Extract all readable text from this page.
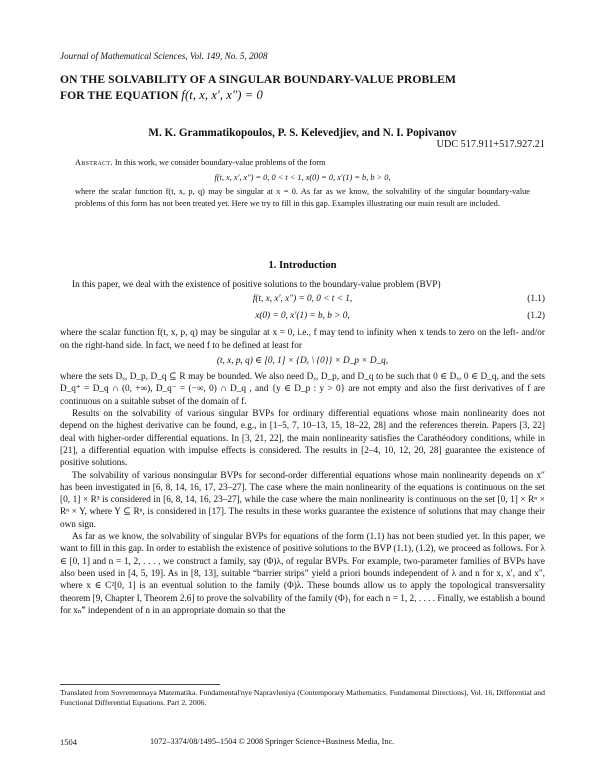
Journal of Mathematical Sciences, Vol. 149, No. 5, 2008
ON THE SOLVABILITY OF A SINGULAR BOUNDARY-VALUE PROBLEM
FOR THE EQUATION f(t, x, x′, x″) = 0
M. K. Grammatikopoulos, P. S. Kelevedjiev, and N. I. Popivanov
UDC 517.911+517.927.21
Abstract. In this work, we consider boundary-value problems of the form
f(t, x, x′, x″) = 0, 0 < t < 1, x(0) = 0, x′(1) = b, b > 0,
where the scalar function f(t, x, p, q) may be singular at x = 0. As far as we know, the solvability of the singular boundary-value problems of this form has not been treated yet. Here we try to fill in this gap. Examples illustrating our main result are included.
1. Introduction

In this paper, we deal with the existence of positive solutions to the boundary-value problem (BVP)

f(t, x, x′, x″) = 0, 0 < t < 1,	(1.1)
x(0) = 0, x′(1) = b, b > 0,	(1.2)

where the scalar function f(t, x, p, q) may be singular at x = 0, i.e., f may tend to infinity when x tends to zero on the left- and/or on the right-hand side. In fact, we need f to be defined at least for

(t, x, p, q) ∈ [0, 1] × {Dₓ \ {0}} × D_p × D_q,

where the sets Dₓ, D_p, D_q ⊆ R may be bounded. We also need Dₓ, D_p, and D_q to be such that 0 ∈ Dₓ, 0 ∈ D_q, and the sets D_q⁺ = D_q ∩ (0, +∞), D_q⁻ = (−∞, 0) ∩ D_q , and {y ∈ D_p : y > 0} are not empty and also the first derivatives of f are continuous on a suitable subset of the domain of f.

Results on the solvability of various singular BVPs for ordinary differential equations whose main nonlinearity does not depend on the highest derivative can be found, e.g., in [1–5, 7, 10–13, 15, 18–22, 28] and the references therein. Papers [3, 22] deal with higher-order differential equations. In [3, 21, 22], the main nonlinearity satisfies the Carathéodory conditions, while in [21], a differential equation with impulse effects is considered. The results in [2–4, 10, 12, 20, 28] guarantee the existence of positive solutions.

The solvability of various nonsingular BVPs for second-order differential equations whose main nonlinearity depends on x″ has been investigated in [6, 8, 14, 16, 17, 23–27]. The case where the main nonlinearity of the equations is continuous on the set [0, 1] × R³ is considered in [6, 8, 14, 16, 23–27], while the case where the main nonlinearity is continuous on the set [0, 1] × Rⁿ × Rⁿ × Y, where Y ⊆ Rⁿ, is considered in [17]. The results in these works guarantee the existence of solutions that may change their own sign.

As far as we know, the solvability of singular BVPs for equations of the form (1.1) has not been studied yet. In this paper, we want to fill in this gap. In order to establish the existence of positive solutions to the BVP (1.1), (1.2), we proceed as follows. For λ ∈ [0, 1] and n = 1, 2, . . . , we construct a family, say (Φ)λ, of regular BVPs. For example, two-parameter families of BVPs have also been used in [4, 5, 19]. As in [8, 13], suitable “barrier strips” yield a priori bounds independent of λ and n for x, x′, and x″, where x ∈ C²[0, 1] is an eventual solution to the family (Φ)λ. These bounds allow us to apply the topological transversality theorem [9, Chapter I, Theorem 2.6] to prove the solvability of the family (Φ)₁ for each n = 1, 2, . . . . Finally, we establish a bound for xₙ‴ independent of n in an appropriate domain so that the

Translated from Sovremennaya Matematika. Fundamental'nye Napravleniya (Contemporary Mathematics. Fundamental Directions), Vol. 16, Differential and Functional Differential Equations. Part 2, 2006.
1504	1072–3374/08/1495–1504 © 2008 Springer Science+Business Media, Inc.
